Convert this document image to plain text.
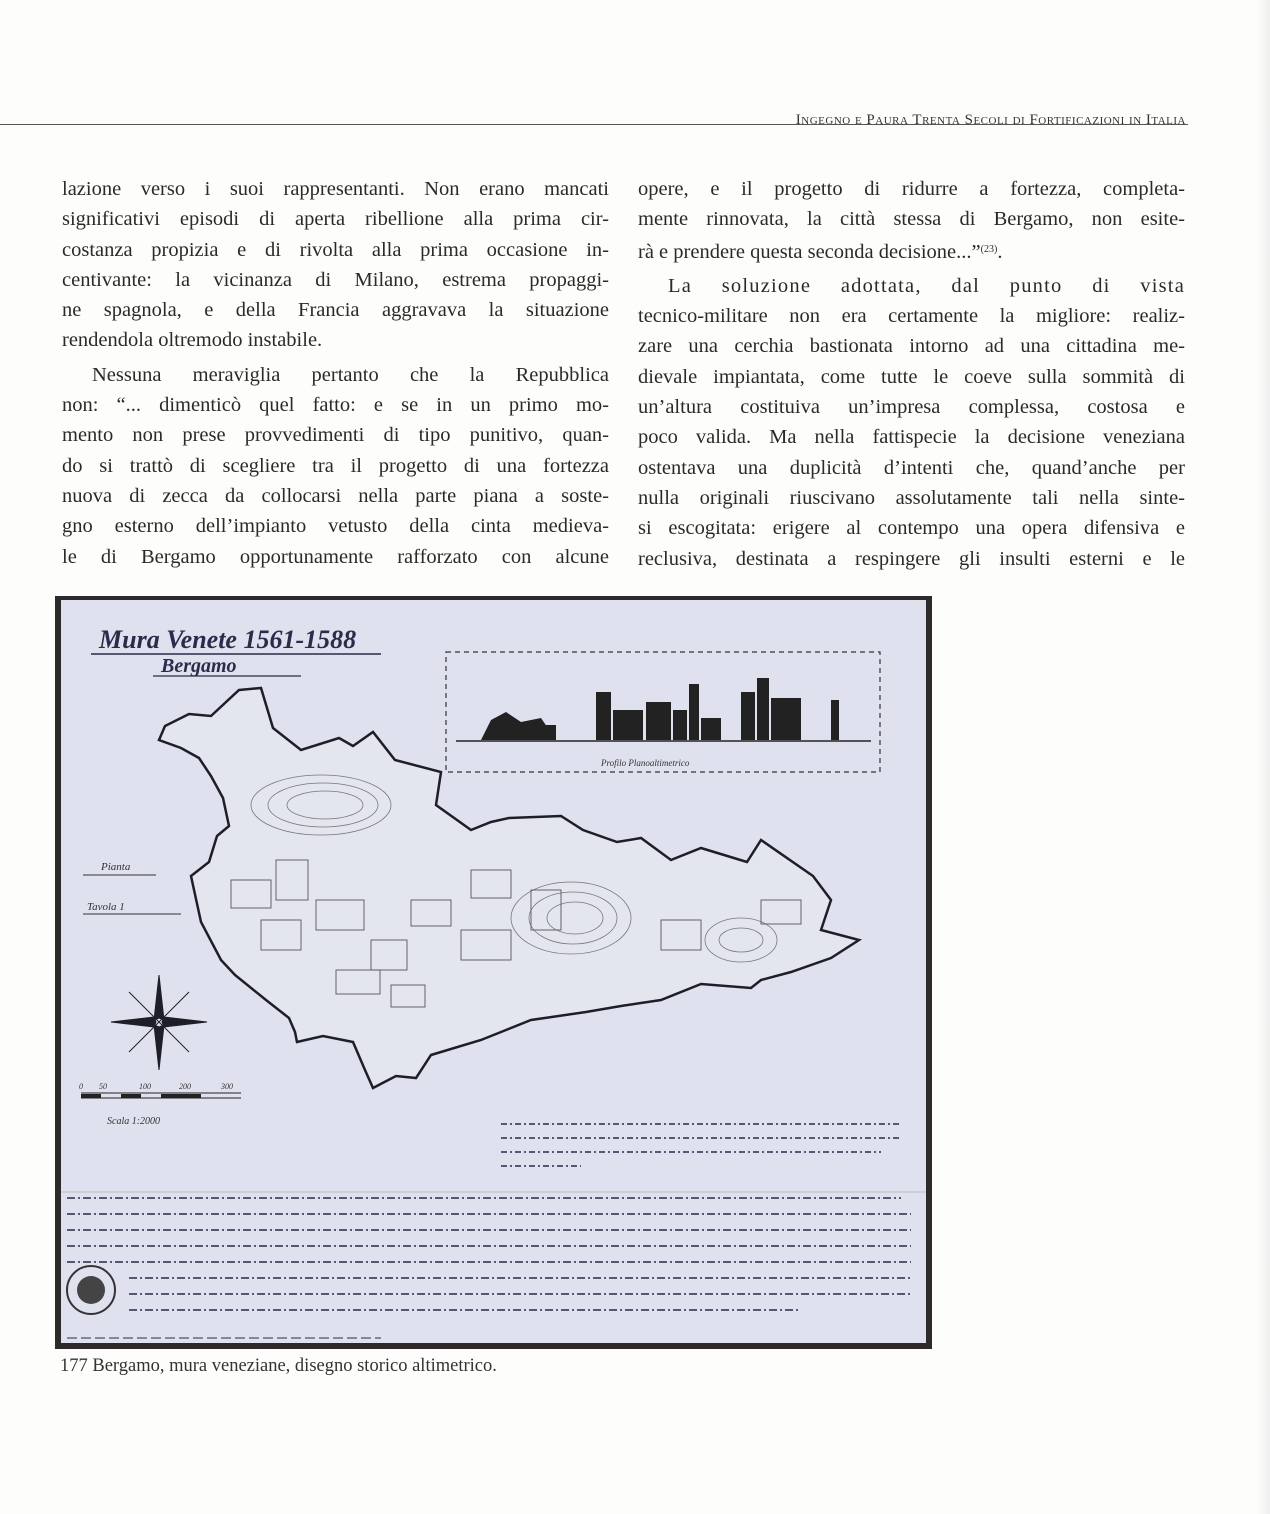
Ingegno e Paura Trenta Secoli di Fortificazioni in Italia

lazione verso i suoi rappresentanti. Non erano mancati
significativi episodi di aperta ribellione alla prima cir-
costanza propizia e di rivolta alla prima occasione in-
centivante: la vicinanza di Milano, estrema propaggi-
ne spagnola, e della Francia aggravava la situazione
rendendola oltremodo instabile.

Nessuna meraviglia pertanto che la Repubblica
non: “... dimenticò quel fatto: e se in un primo mo-
mento non prese provvedimenti di tipo punitivo, quan-
do si trattò di scegliere tra il progetto di una fortezza
nuova di zecca da collocarsi nella parte piana a soste-
gno esterno dell’impianto vetusto della cinta medieva-
le di Bergamo opportunamente rafforzato con alcune

opere, e il progetto di ridurre a fortezza, completa-
mente rinnovata, la città stessa di Bergamo, non esite-
rà e prendere questa seconda decisione...”$^{(23)}$.

La soluzione adottata, dal punto di vista
tecnico-militare non era certamente la migliore: realiz-
zare una cerchia bastionata intorno ad una cittadina me-
dievale impiantata, come tutte le coeve sulla sommità di
un’altura costituiva un’impresa complessa, costosa e
poco valida. Ma nella fattispecie la decisione veneziana
ostentava una duplicità d’intenti che, quand’anche per
nulla originali riuscivano assolutamente tali nella sinte-
si escogitata: erigere al contempo una opera difensiva e
reclusiva, destinata a respingere gli insulti esterni e le

Mura Venete 1561-1588
Bergamo
Profilo Planoaltimetrico
Pianta
Tavola 1
0 50	100	200	300
Scala 1:2000
177 Bergamo, mura veneziane, disegno storico altimetrico.
